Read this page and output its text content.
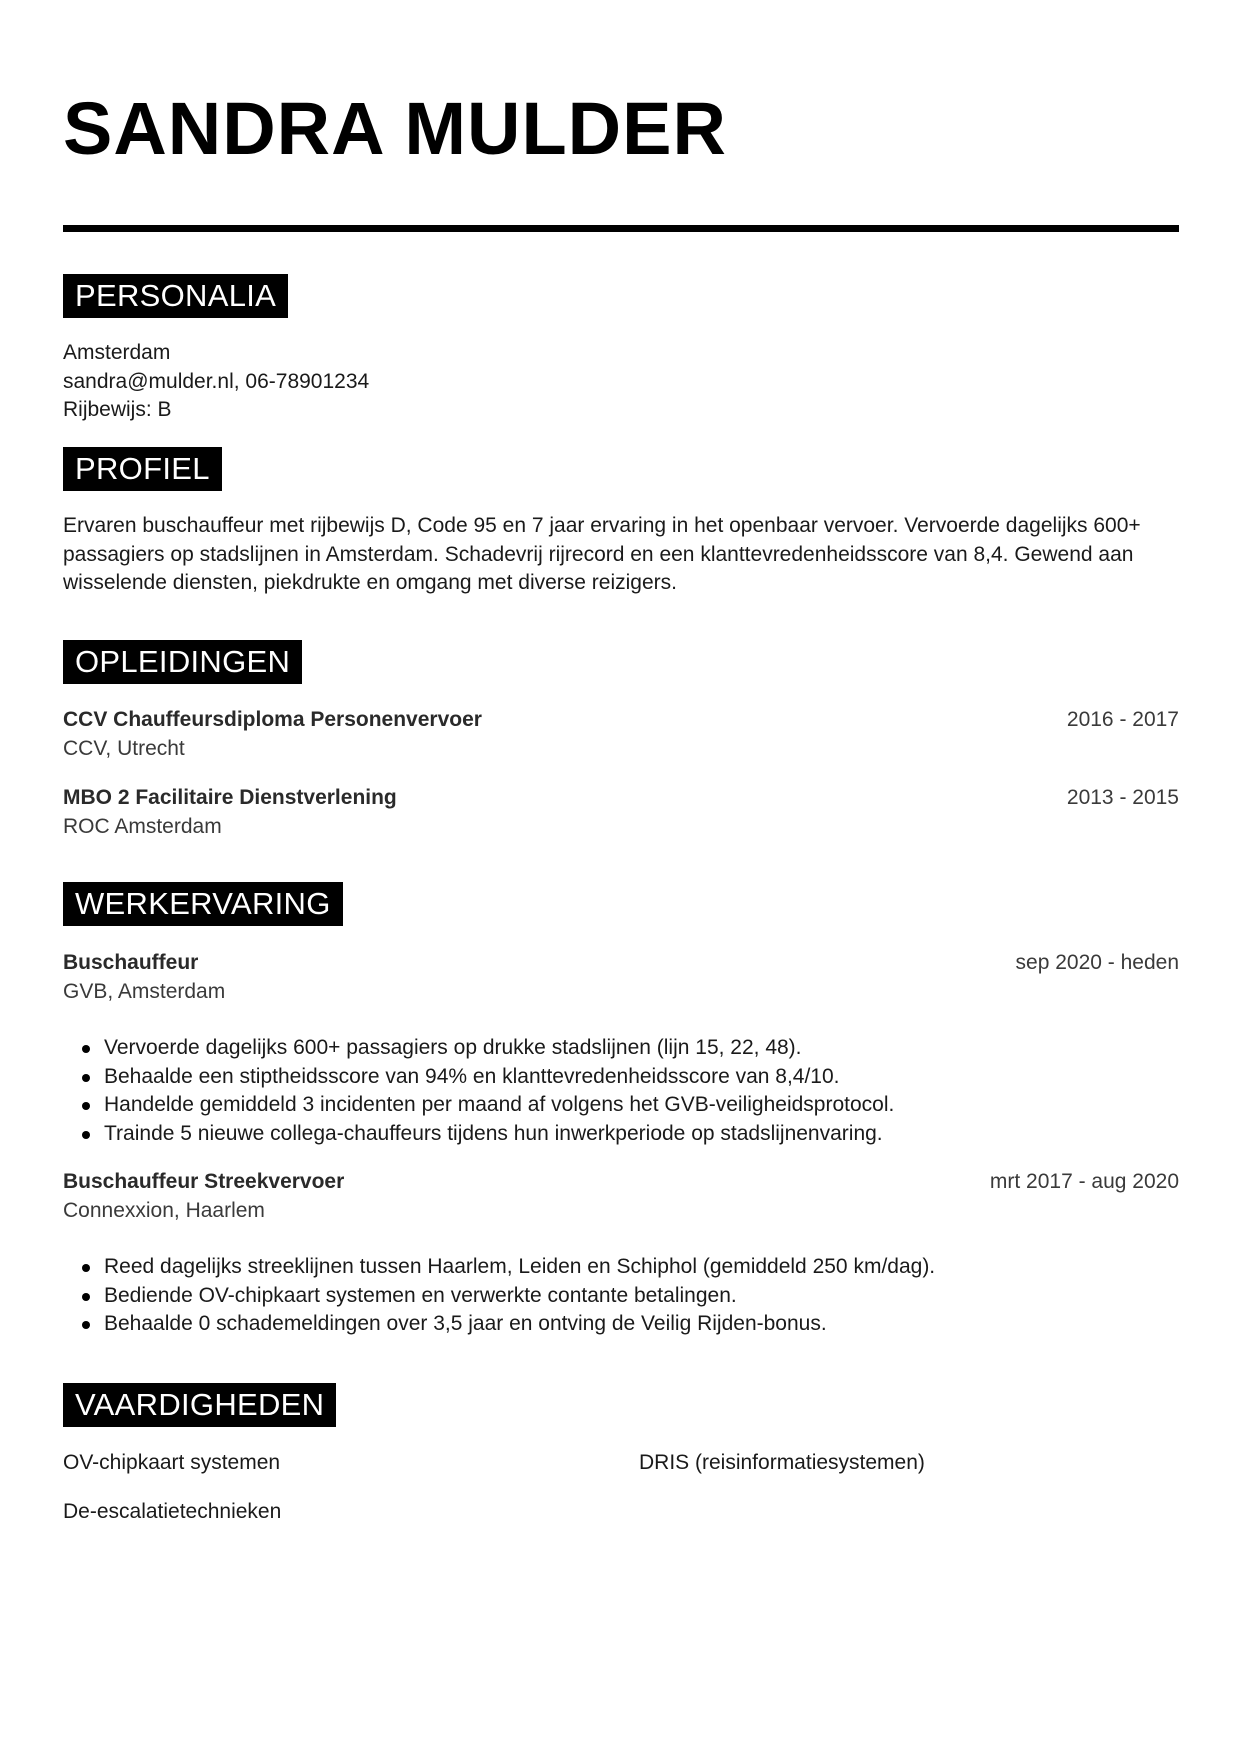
SANDRA MULDER
PERSONALIA
Amsterdam
sandra@mulder.nl, 06-78901234
Rijbewijs: B
PROFIEL
Ervaren buschauffeur met rijbewijs D, Code 95 en 7 jaar ervaring in het openbaar vervoer. Vervoerde dagelijks 600+ passagiers op stadslijnen in Amsterdam. Schadevrij rijrecord en een klanttevredenheidsscore van 8,4. Gewend aan wisselende diensten, piekdrukte en omgang met diverse reizigers.
OPLEIDINGEN
CCV Chauffeursdiploma Personenvervoer	2016 - 2017
CCV, Utrecht
MBO 2 Facilitaire Dienstverlening	2013 - 2015
ROC Amsterdam
WERKERVARING
Buschauffeur	sep 2020 - heden
GVB, Amsterdam
Vervoerde dagelijks 600+ passagiers op drukke stadslijnen (lijn 15, 22, 48).
Behaalde een stiptheidsscore van 94% en klanttevredenheidsscore van 8,4/10.
Handelde gemiddeld 3 incidenten per maand af volgens het GVB-veiligheidsprotocol.
Trainde 5 nieuwe collega-chauffeurs tijdens hun inwerkperiode op stadslijnenvaring.
Buschauffeur Streekvervoer	mrt 2017 - aug 2020
Connexxion, Haarlem
Reed dagelijks streeklijnen tussen Haarlem, Leiden en Schiphol (gemiddeld 250 km/dag).
Bediende OV-chipkaart systemen en verwerkte contante betalingen.
Behaalde 0 schademeldingen over 3,5 jaar en ontving de Veilig Rijden-bonus.
VAARDIGHEDEN
OV-chipkaart systemen	DRIS (reisinformatiesystemen)
De-escalatietechnieken
